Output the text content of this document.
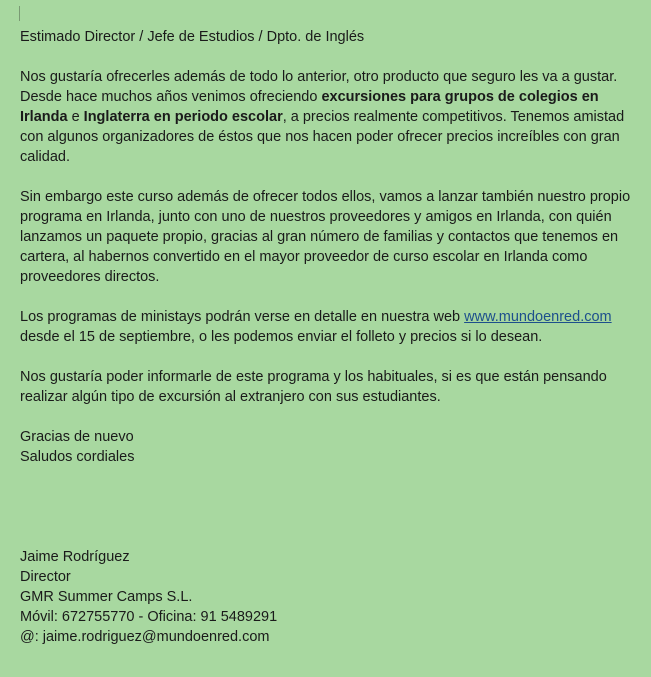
Estimado Director / Jefe de Estudios / Dpto. de Inglés

Nos gustaría ofrecerles además de todo lo anterior, otro producto que seguro les va a gustar. Desde hace muchos años venimos ofreciendo excursiones para grupos de colegios en Irlanda e Inglaterra en periodo escolar, a precios realmente competitivos. Tenemos amistad con algunos organizadores de éstos que nos hacen poder ofrecer precios increíbles con gran calidad.

Sin embargo este curso además de ofrecer todos ellos, vamos a lanzar también nuestro propio programa en Irlanda, junto con uno de nuestros proveedores y amigos en Irlanda, con quién lanzamos un paquete propio, gracias al gran número de familias y contactos que tenemos en cartera, al habernos convertido en el mayor proveedor de curso escolar en Irlanda como proveedores directos.

Los programas de ministays podrán verse en detalle en nuestra web www.mundoenred.com desde el 15 de septiembre, o les podemos enviar el folleto y precios si lo desean.

Nos gustaría poder informarle de este programa y los habituales, si es que están pensando realizar algún tipo de excursión al extranjero con sus estudiantes.

Gracias de nuevo

Saludos cordiales

Jaime Rodríguez

Director

GMR Summer Camps S.L.

Móvil: 672755770 - Oficina: 91 5489291

@: jaime.rodriguez@mundoenred.com
